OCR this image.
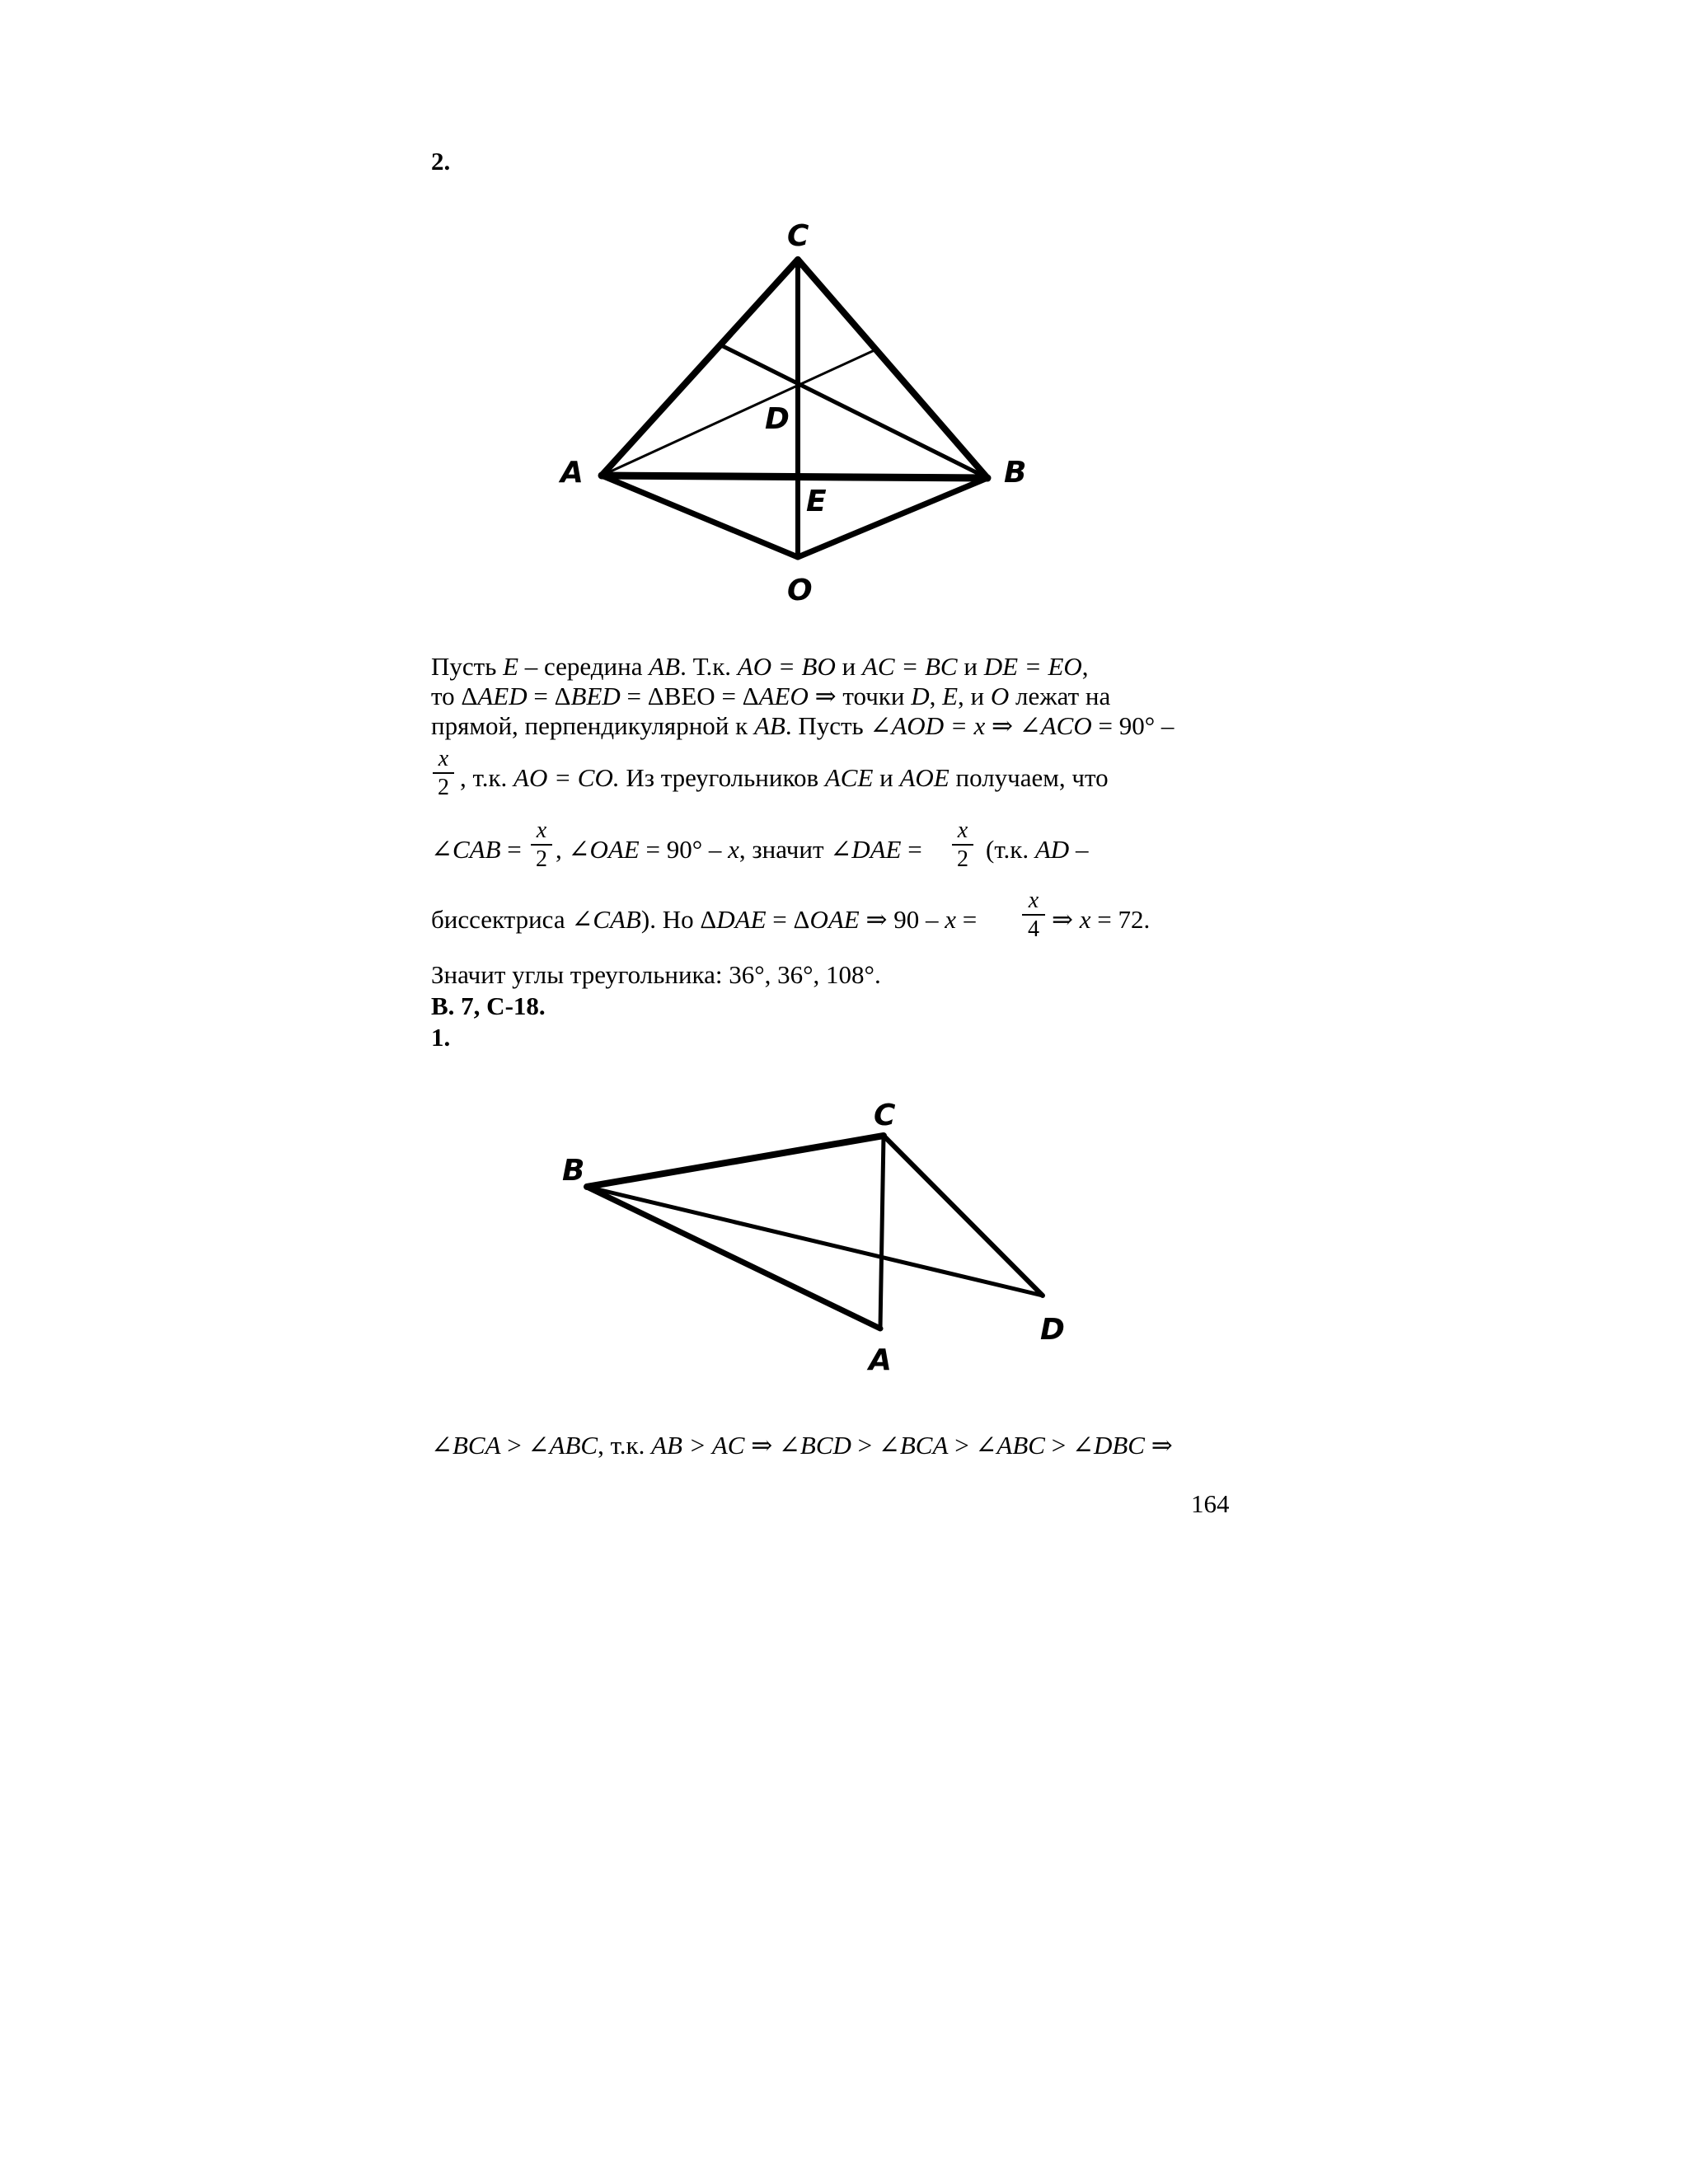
2.
C
D
A	B
E
O
Пусть E – середина AB. Т.к. AO = BO и AC = BC и DE = EO,
то ΔAED = ΔBED = ΔBEO = ΔAEO ⇒ точки D, E, и O лежат на
прямой, перпендикулярной к AB. Пусть ∠AOD = x ⇒ ∠ACO = 90° –
x
2 , т.к. AO = CO. Из треугольников ACE и AOE получаем, что
∠CAB =
x
2 , ∠OAE = 90° – x, значит ∠DAE =
x
2 (т.к. AD –
биссектриса ∠CAB). Но ΔDAE = ΔOAE ⇒ 90 – x =
x
4 ⇒ x = 72.
Значит углы треугольника: 36°, 36°, 108°.
В. 7, С-18.
1.
B
C
A
D
∠BCA > ∠ABC, т.к. AB > AC ⇒ ∠BCD > ∠BCA > ∠ABC > ∠DBC ⇒
164
